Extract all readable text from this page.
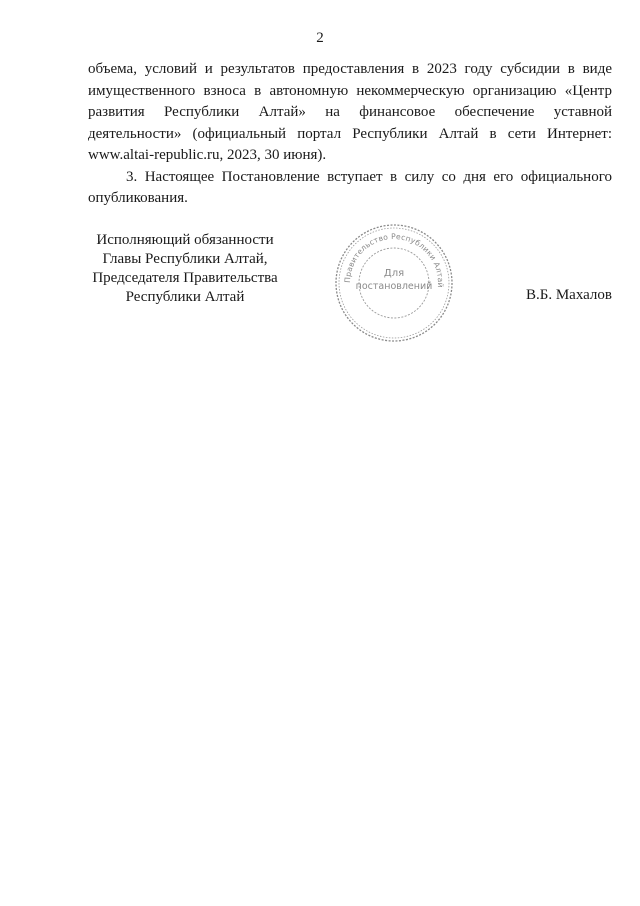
2

объема, условий и результатов предоставления в 2023 году субсидии в виде имущественного взноса в автономную некоммерческую организацию «Центр развития Республики Алтай» на финансовое обеспечение уставной деятельности» (официальный портал Республики Алтай в сети Интернет: www.altai-republic.ru, 2023, 30 июня).

3. Настоящее Постановление вступает в силу со дня его официального опубликования.

Исполняющий обязанности
Главы Республики Алтай,
Председателя Правительства
Республики Алтай
Правительство Республики Алтай
Для
постановлений
В.Б. Махалов
